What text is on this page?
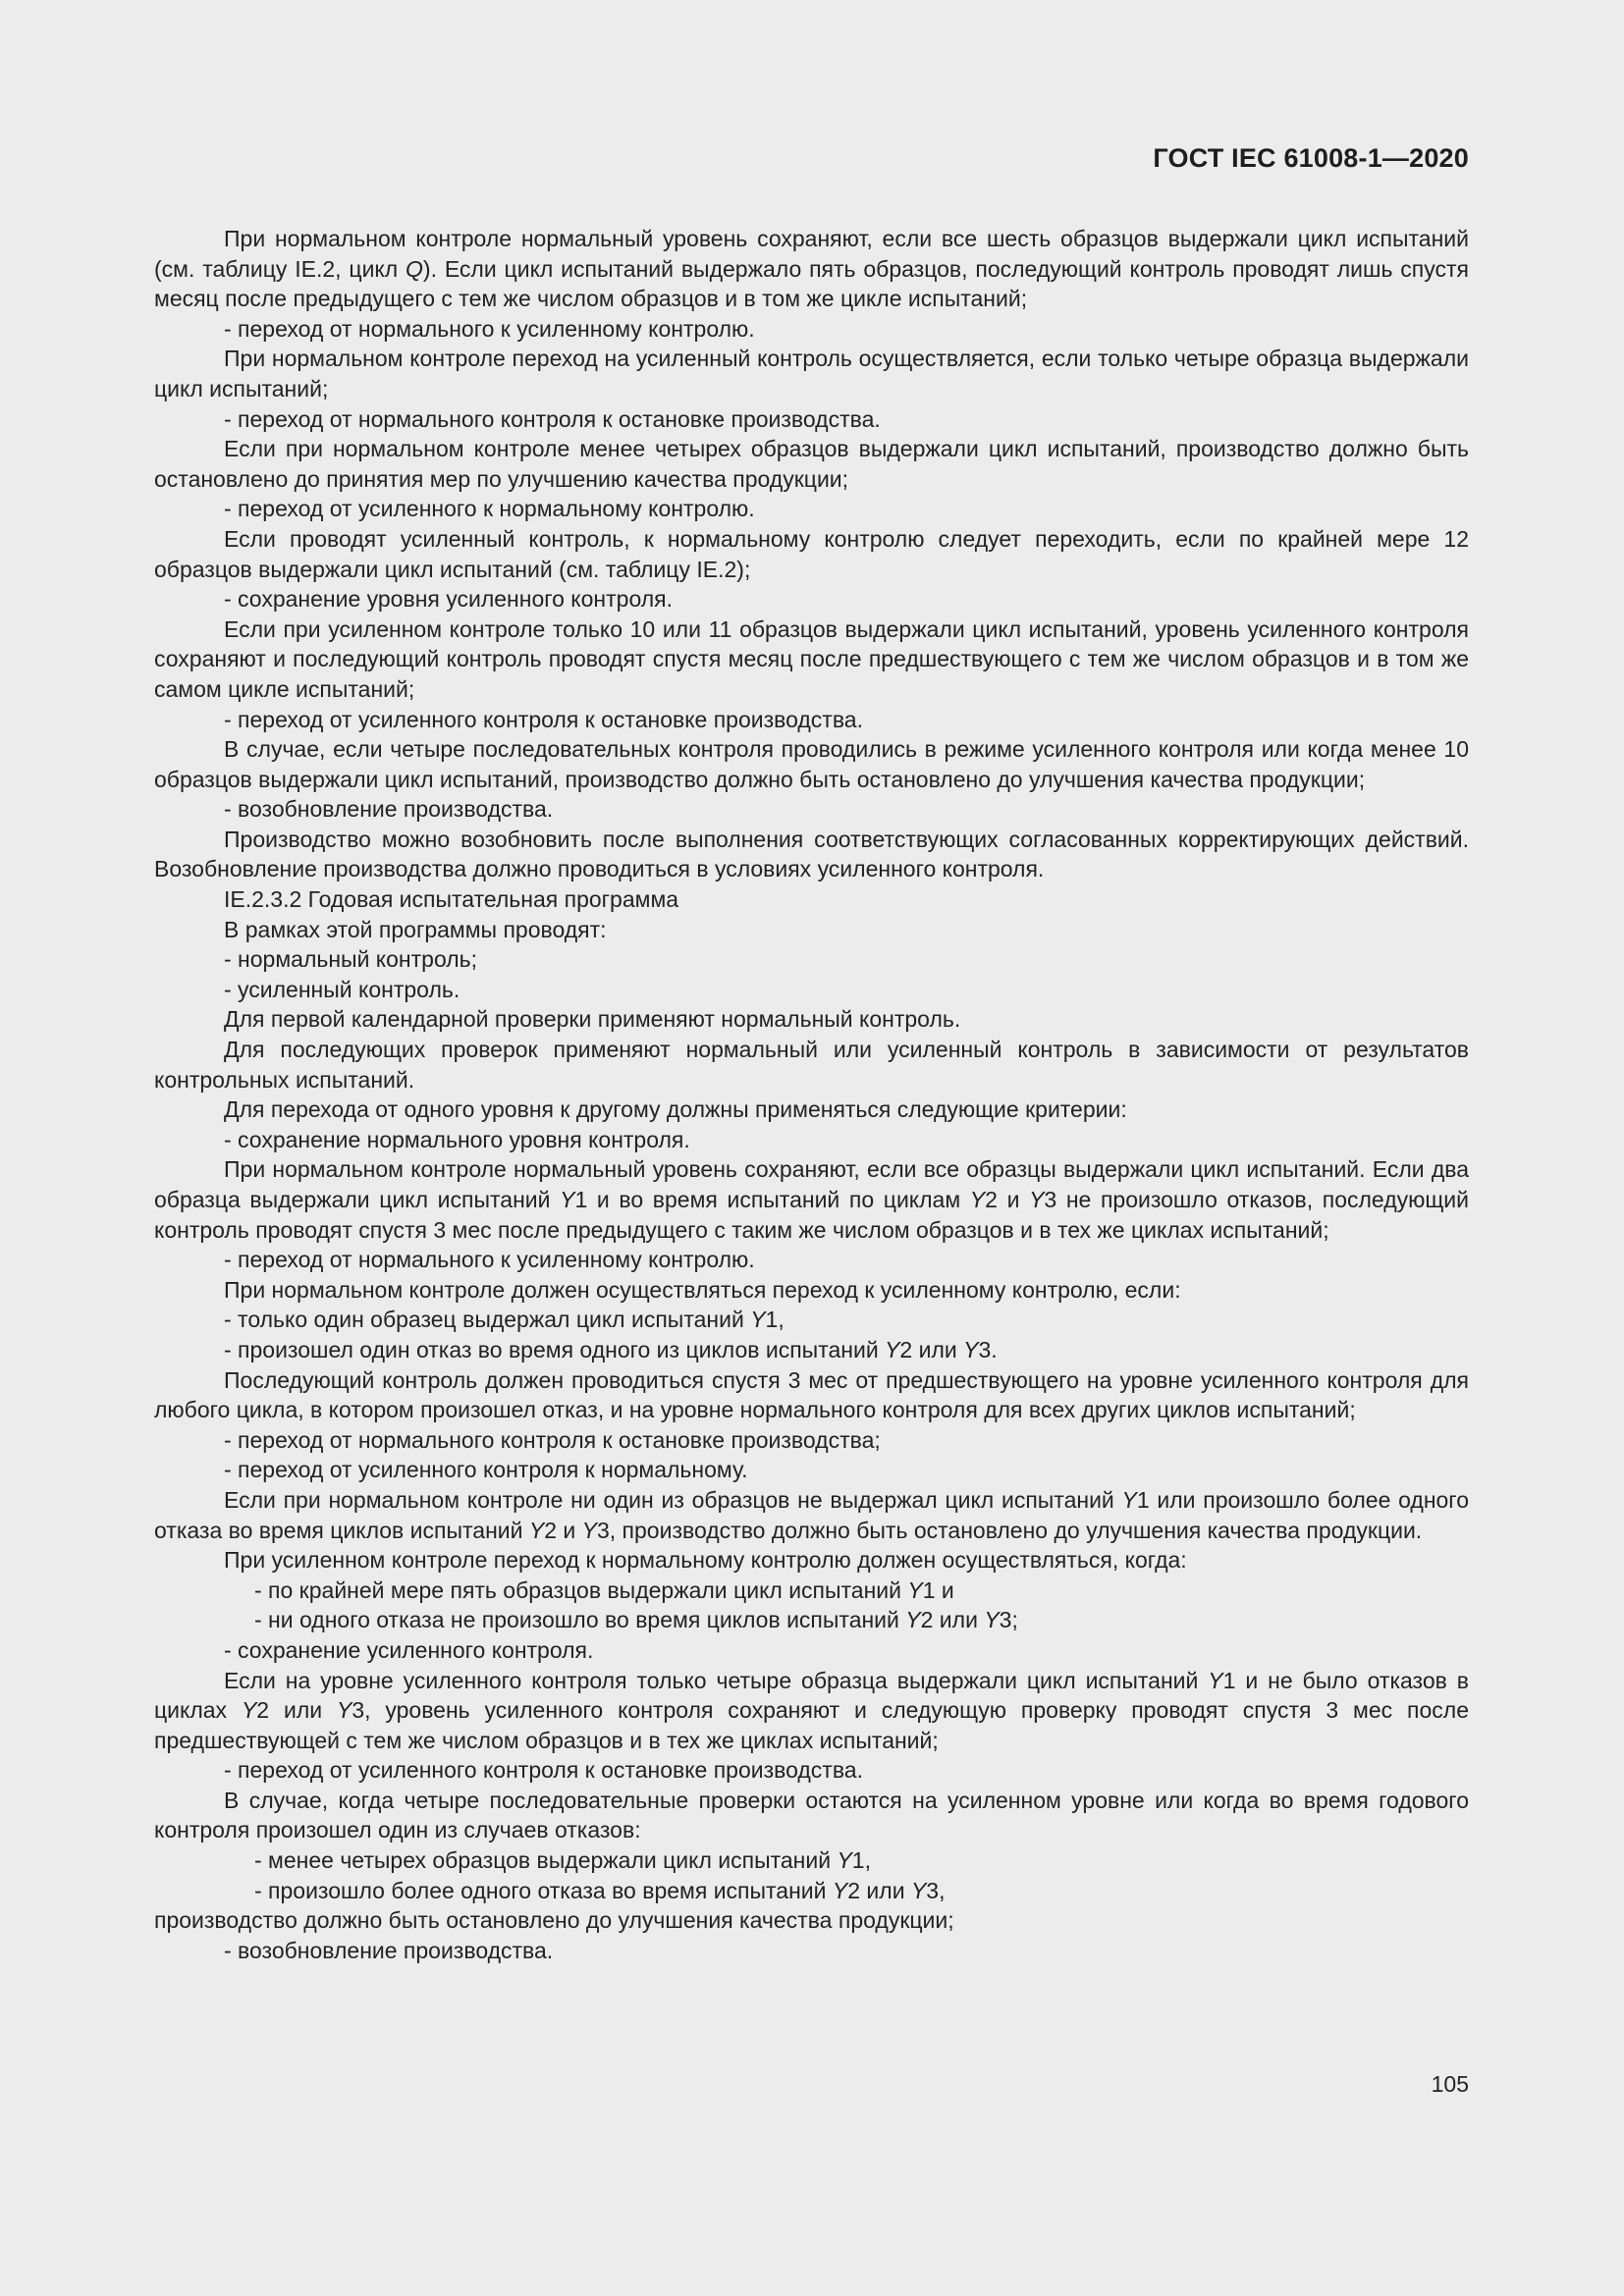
ГОСТ IEC 61008-1—2020

При нормальном контроле нормальный уровень сохраняют, если все шесть образцов выдержали цикл испытаний (см. таблицу IE.2, цикл Q). Если цикл испытаний выдержало пять образцов, последующий контроль проводят лишь спустя месяц после предыдущего с тем же числом образцов и в том же цикле испытаний;

- переход от нормального к усиленному контролю.

При нормальном контроле переход на усиленный контроль осуществляется, если только четыре образца выдержали цикл испытаний;

- переход от нормального контроля к остановке производства.

Если при нормальном контроле менее четырех образцов выдержали цикл испытаний, производство должно быть остановлено до принятия мер по улучшению качества продукции;

- переход от усиленного к нормальному контролю.

Если проводят усиленный контроль, к нормальному контролю следует переходить, если по крайней мере 12 образцов выдержали цикл испытаний (см. таблицу IE.2);

- сохранение уровня усиленного контроля.

Если при усиленном контроле только 10 или 11 образцов выдержали цикл испытаний, уровень усиленного контроля сохраняют и последующий контроль проводят спустя месяц после предшествующего с тем же числом образцов и в том же самом цикле испытаний;

- переход от усиленного контроля к остановке производства.

В случае, если четыре последовательных контроля проводились в режиме усиленного контроля или когда менее 10 образцов выдержали цикл испытаний, производство должно быть остановлено до улучшения качества продукции;

- возобновление производства.

Производство можно возобновить после выполнения соответствующих согласованных корректирующих действий. Возобновление производства должно проводиться в условиях усиленного контроля.

IE.2.3.2 Годовая испытательная программа

В рамках этой программы проводят:

- нормальный контроль;

- усиленный контроль.

Для первой календарной проверки применяют нормальный контроль.

Для последующих проверок применяют нормальный или усиленный контроль в зависимости от результатов контрольных испытаний.

Для перехода от одного уровня к другому должны применяться следующие критерии:

- сохранение нормального уровня контроля.

При нормальном контроле нормальный уровень сохраняют, если все образцы выдержали цикл испытаний. Если два образца выдержали цикл испытаний Y1 и во время испытаний по циклам Y2 и Y3 не произошло отказов, последующий контроль проводят спустя 3 мес после предыдущего с таким же числом образцов и в тех же циклах испытаний;

- переход от нормального к усиленному контролю.

При нормальном контроле должен осуществляться переход к усиленному контролю, если:

- только один образец выдержал цикл испытаний Y1,

- произошел один отказ во время одного из циклов испытаний Y2 или Y3.

Последующий контроль должен проводиться спустя 3 мес от предшествующего на уровне усиленного контроля для любого цикла, в котором произошел отказ, и на уровне нормального контроля для всех других циклов испытаний;

- переход от нормального контроля к остановке производства;

- переход от усиленного контроля к нормальному.

Если при нормальном контроле ни один из образцов не выдержал цикл испытаний Y1 или произошло более одного отказа во время циклов испытаний Y2 и Y3, производство должно быть остановлено до улучшения качества продукции.

При усиленном контроле переход к нормальному контролю должен осуществляться, когда:

- по крайней мере пять образцов выдержали цикл испытаний Y1 и

- ни одного отказа не произошло во время циклов испытаний Y2 или Y3;

- сохранение усиленного контроля.

Если на уровне усиленного контроля только четыре образца выдержали цикл испытаний Y1 и не было отказов в циклах Y2 или Y3, уровень усиленного контроля сохраняют и следующую проверку проводят спустя 3 мес после предшествующей с тем же числом образцов и в тех же циклах испытаний;

- переход от усиленного контроля к остановке производства.

В случае, когда четыре последовательные проверки остаются на усиленном уровне или когда во время годового контроля произошел один из случаев отказов:

- менее четырех образцов выдержали цикл испытаний Y1,

- произошло более одного отказа во время испытаний Y2 или Y3,

производство должно быть остановлено до улучшения качества продукции;

- возобновление производства.

105
